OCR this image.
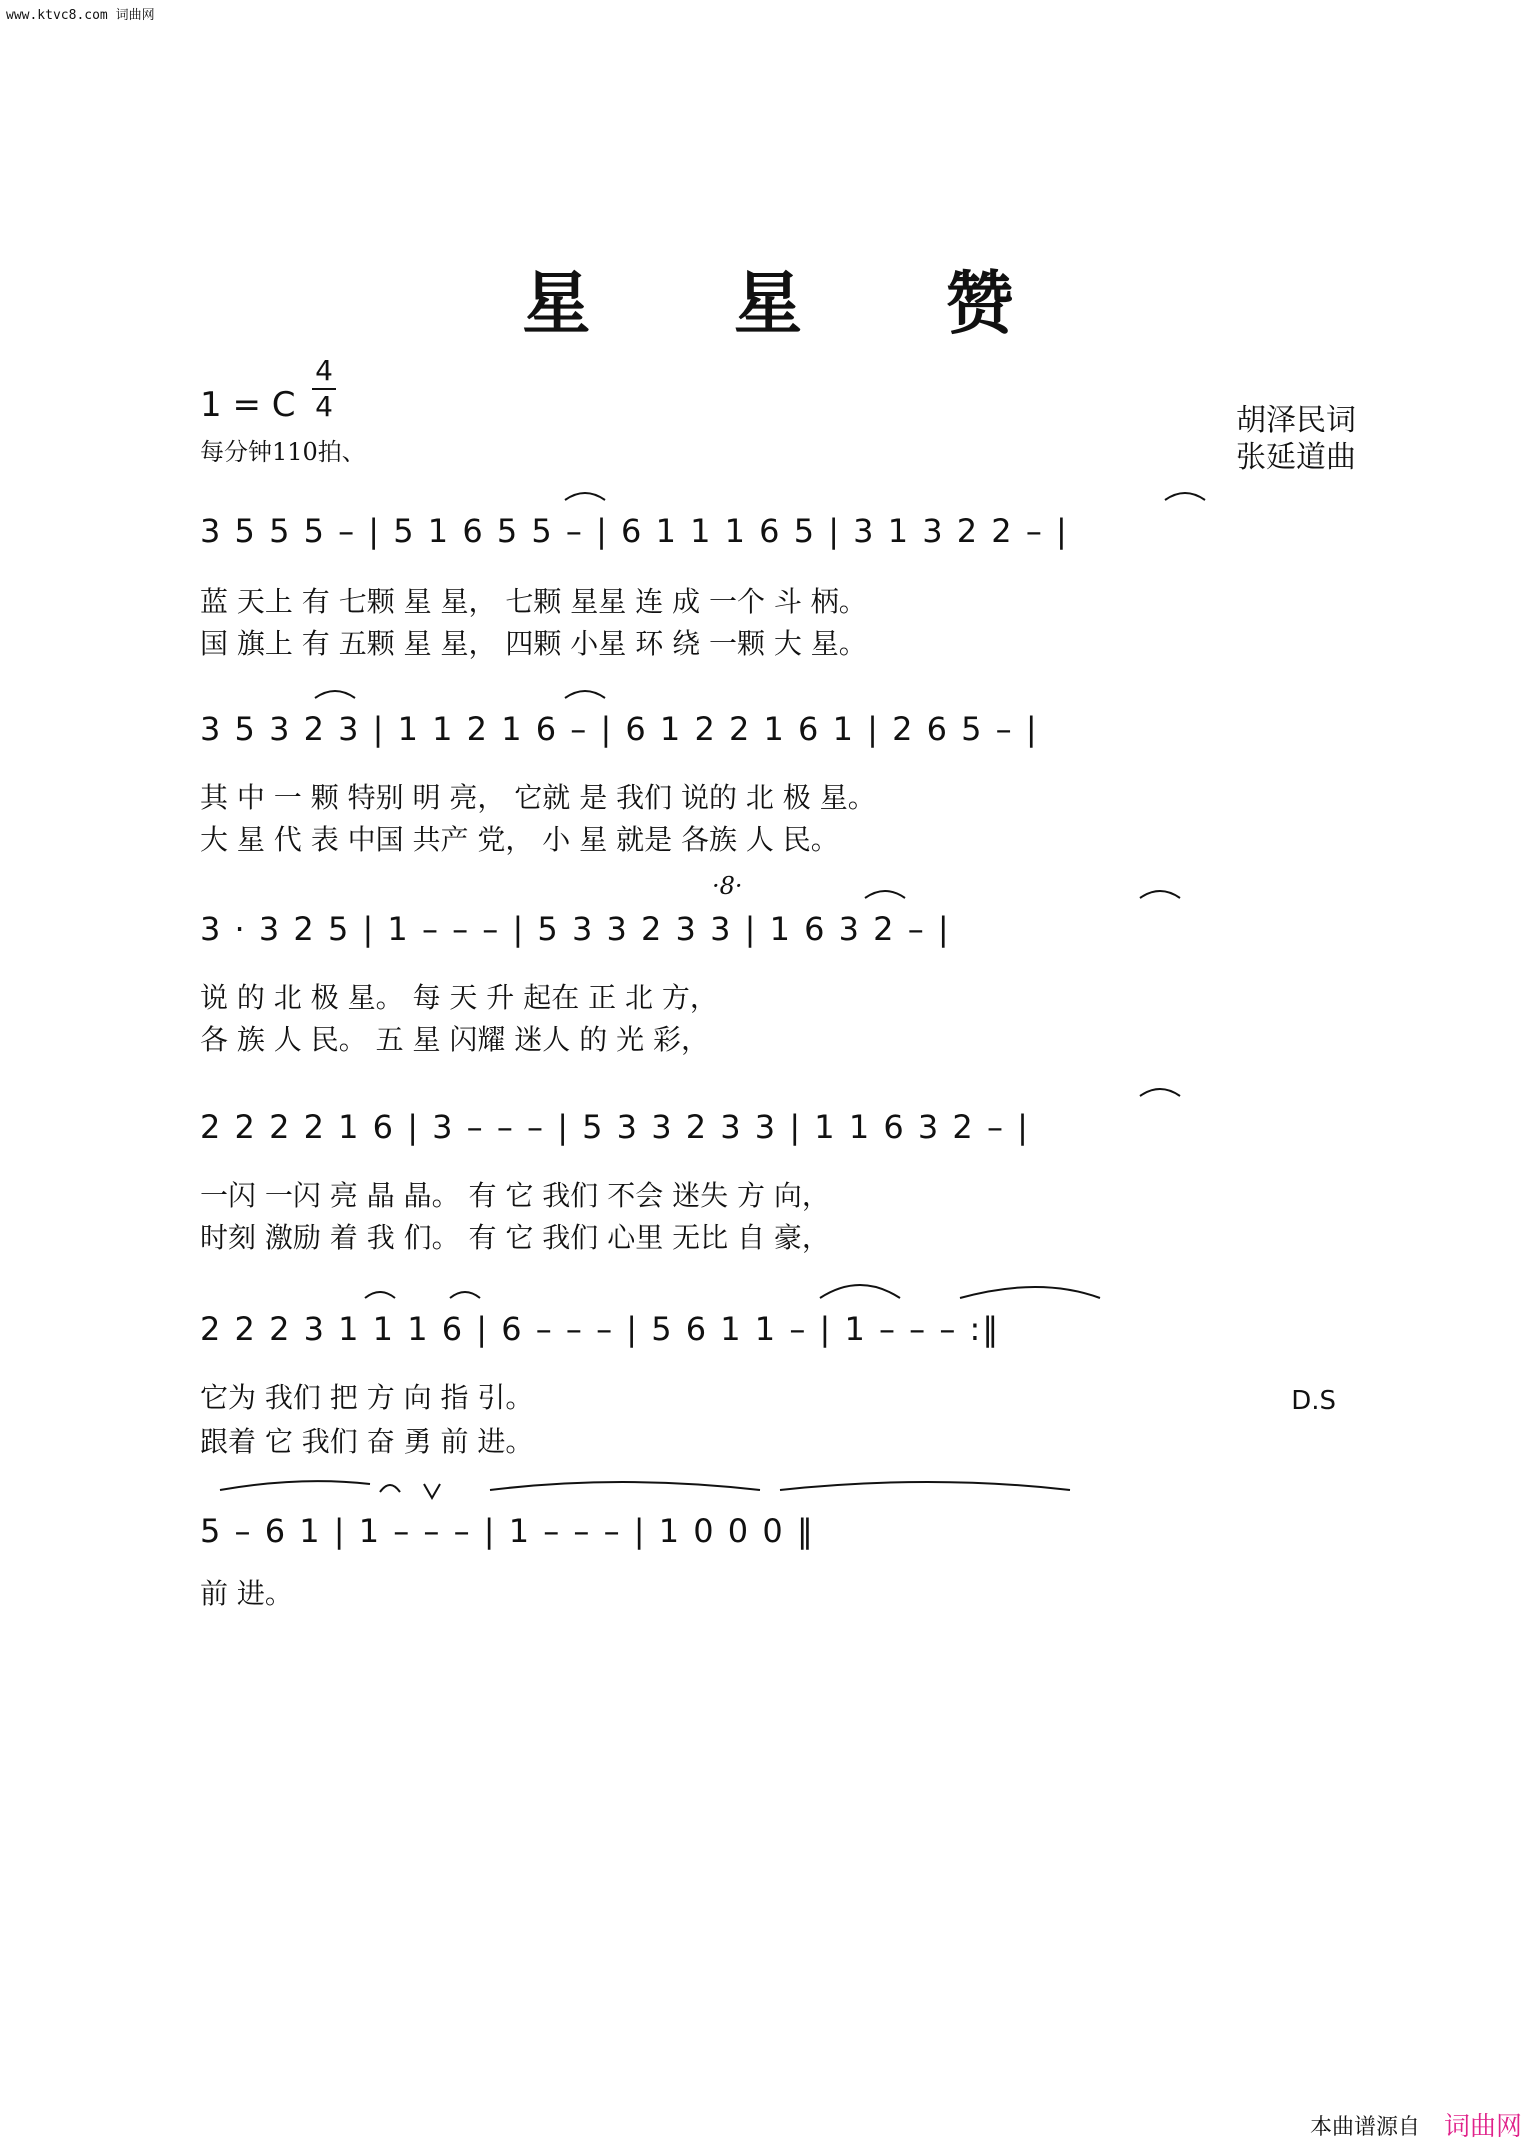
www.ktvc8.com 词曲网
星 星 赞
1 = C
4
4
每分钟110拍、
胡泽民词
张延道曲
3 5 5 5 – | 5 1 6 5 5 – | 6 1 1 1 6 5 | 3 1 3 2 2 – |
蓝 天上 有 七颗 星 星， 七颗 星星 连 成 一个 斗 柄。
国 旗上 有 五颗 星 星， 四颗 小星 环 绕 一颗 大 星。
3 5 3 2 3 | 1 1 2 1 6 – | 6 1 2 2 1 6 1 | 2 6 5 – |
其 中 一 颗 特别 明 亮， 它就 是 我们 说的 北 极 星。
大 星 代 表 中国 共产 党， 小 星 就是 各族 人 民。
·8·
3 · 3 2 5 | 1 – – – | 5 3 3 2 3 3 | 1 6 3 2 – |
说 的 北 极 星。 每 天 升 起在 正 北 方，
各 族 人 民。 五 星 闪耀 迷人 的 光 彩，
2 2 2 2 1 6 | 3 – – – | 5 3 3 2 3 3 | 1 1 6 3 2 – |
一闪 一闪 亮 晶 晶。 有 它 我们 不会 迷失 方 向，
时刻 激励 着 我 们。 有 它 我们 心里 无比 自 豪，
2 2 2 3 1 1 1 6 | 6 – – – | 5 6 1 1 – | 1 – – – :‖
它为 我们 把 方 向 指 引。
跟着 它 我们 奋 勇 前 进。
D.S
5 – 6 1 | 1 – – – | 1 – – – | 1 0 0 0 ‖
前 进。
本曲谱源自 词曲网
